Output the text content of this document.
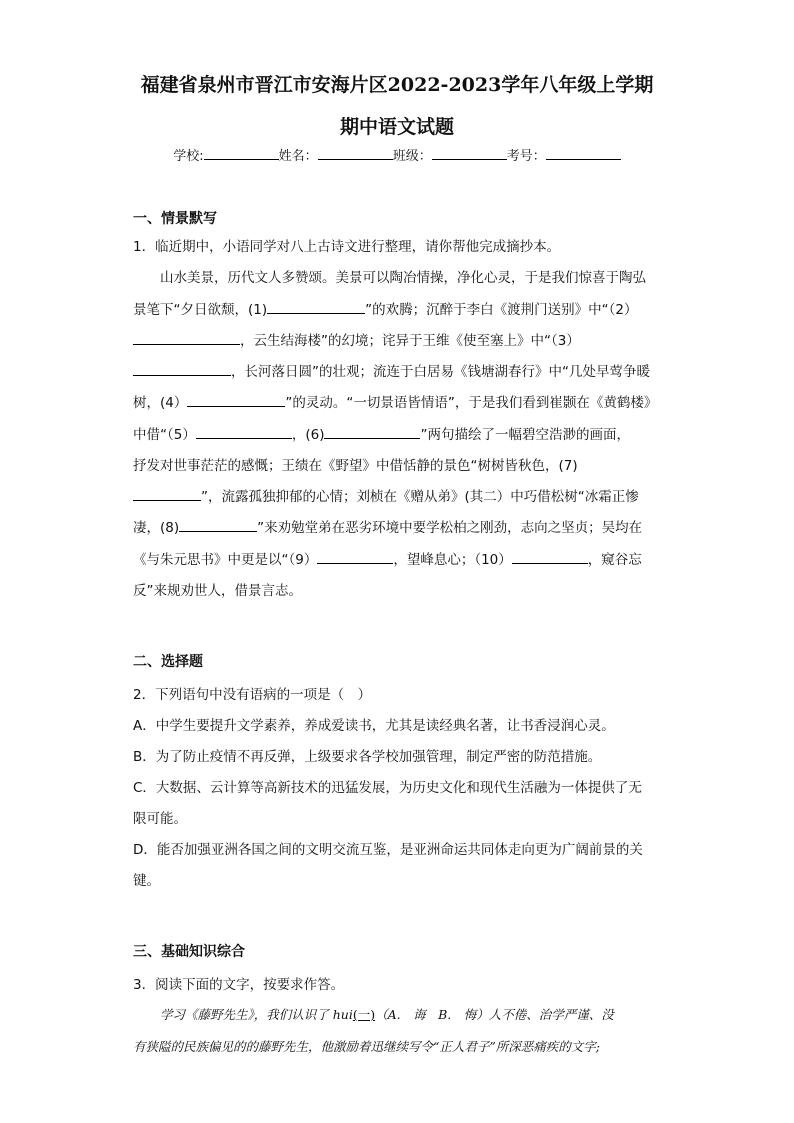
福建省泉州市晋江市安海片区2022-2023学年八年级上学期
期中语文试题
学校:	姓名：	班级：	考号：
一、情景默写
1．临近期中，小语同学对八上古诗文进行整理，请你帮他完成摘抄本。
山水美景，历代文人多赞颂。美景可以陶冶情操，净化心灵，于是我们惊喜于陶弘
景笔下“夕日欲颓，(1)	”的欢腾；沉醉于李白《渡荆门送别》中“（2）
，云生结海楼”的幻境；诧异于王维《使至塞上》中“（3）
，长河落日圆”的壮观；流连于白居易《钱塘湖春行》中“几处早莺争暖
树，(4）	”的灵动。“一切景语皆情语”，于是我们看到崔颢在《黄鹤楼》
中借“（5）	，(6)	”两句描绘了一幅碧空浩渺的画面，
抒发对世事茫茫的感慨；王绩在《野望》中借恬静的景色“树树皆秋色，(7)
”，流露孤独抑郁的心情；刘桢在《赠从弟》(其二）中巧借松树“冰霜正惨
凄，(8)	”来劝勉堂弟在恶劣环境中要学松柏之刚劲，志向之坚贞；吴均在
《与朱元思书》中更是以“（9）	，望峰息心；（10）	，窥谷忘
反”来规劝世人，借景言志。
二、选择题
2．下列语句中没有语病的一项是（　）
A．中学生要提升文学素养，养成爱读书，尤其是读经典名著，让书香浸润心灵。
B．为了防止疫情不再反弹，上级要求各学校加强管理，制定严密的防范措施。
C．大数据、云计算等高新技术的迅猛发展，为历史文化和现代生活融为一体提供了无
限可能。
D．能否加强亚洲各国之间的文明交流互鉴，是亚洲命运共同体走向更为广阔前景的关
键。
三、基础知识综合
3．阅读下面的文字，按要求作答。
学习《藤野先生》，我们认识了 hui(一)（A.　诲　B.　悔）人不倦、治学严谨、没
有狭隘的民族偏见的的藤野先生，他激励着迅继续写令“正人君子”所深恶痛疾的文字;
